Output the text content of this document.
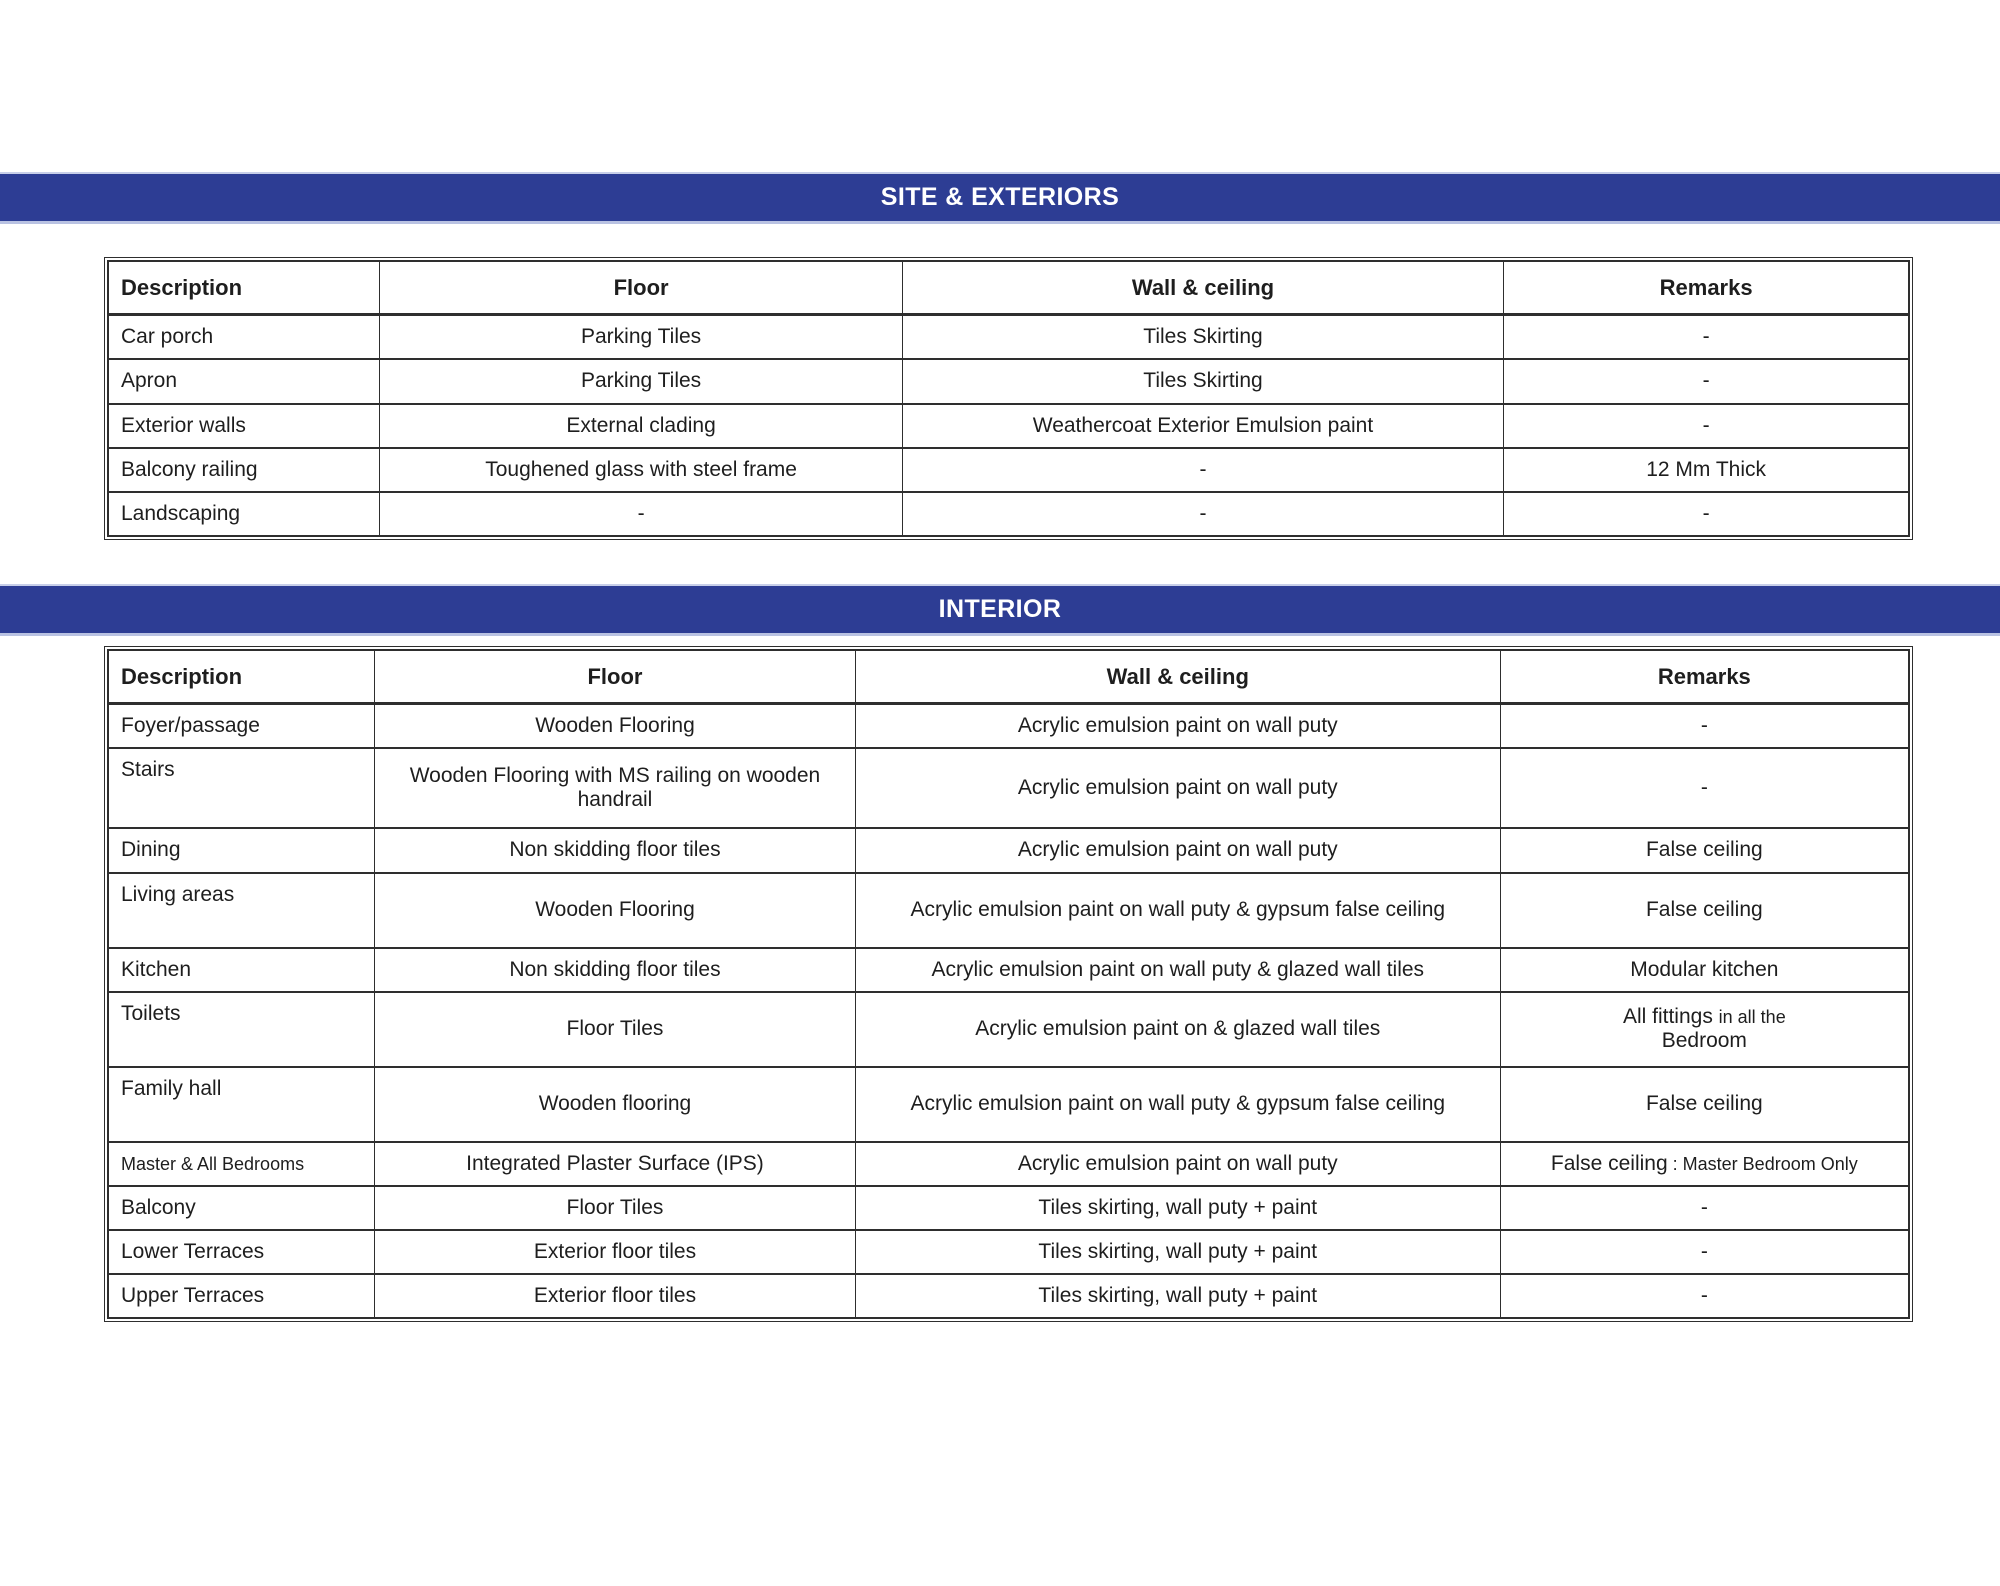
SITE & EXTERIORS
Description	Floor	Wall & ceiling	Remarks
Car porch	Parking Tiles	Tiles Skirting	-
Apron	Parking Tiles	Tiles Skirting	-
Exterior walls	External clading	Weathercoat Exterior Emulsion paint	-
Balcony railing	Toughened glass with steel frame	-	12 Mm Thick
Landscaping	-	-	-
INTERIOR
Description	Floor	Wall & ceiling	Remarks
Foyer/passage	Wooden Flooring	Acrylic emulsion paint on wall puty	-
Stairs	Wooden Flooring with MS railing on wooden handrail	Acrylic emulsion paint on wall puty	-
Dining	Non skidding floor tiles	Acrylic emulsion paint on wall puty	False ceiling
Living areas	Wooden Flooring	Acrylic emulsion paint on wall puty & gypsum false ceiling	False ceiling
Kitchen	Non skidding floor tiles	Acrylic emulsion paint on wall puty & glazed wall tiles	Modular kitchen
Toilets	Floor Tiles	Acrylic emulsion paint on & glazed wall tiles	All fittings in all the
Bedroom
Family hall	Wooden flooring	Acrylic emulsion paint on wall puty & gypsum false ceiling	False ceiling
Master & All Bedrooms	Integrated Plaster Surface (IPS)	Acrylic emulsion paint on wall puty	False ceiling : Master Bedroom Only
Balcony	Floor Tiles	Tiles skirting, wall puty + paint	-
Lower Terraces	Exterior floor tiles	Tiles skirting, wall puty + paint	-
Upper Terraces	Exterior floor tiles	Tiles skirting, wall puty + paint	-
